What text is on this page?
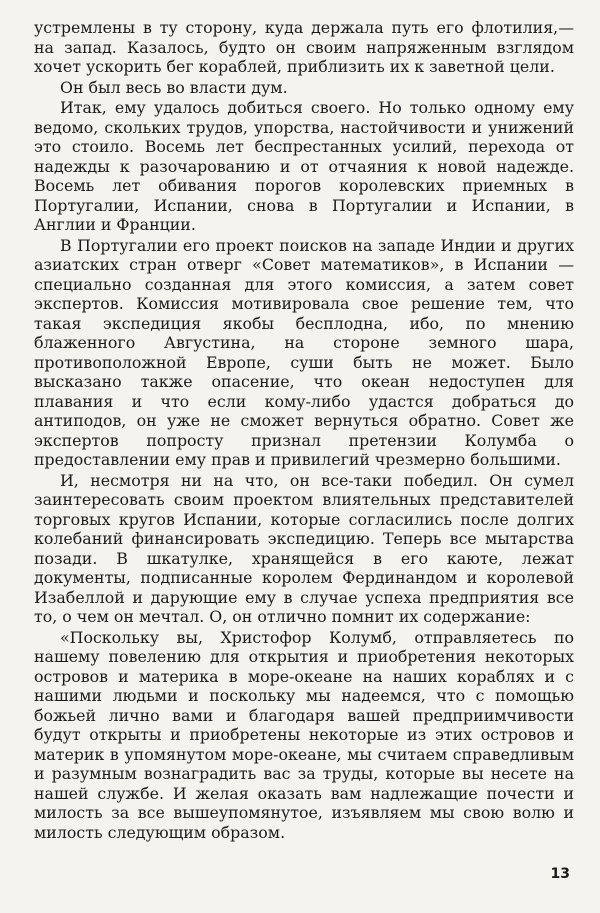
устремлены в ту сторону, куда держала путь его флотилия,— на запад. Казалось, будто он своим напряженным взглядом хочет ускорить бег кораблей, приблизить их к заветной цели.

Он был весь во власти дум.

Итак, ему удалось добиться своего. Но только одному ему ведомо, скольких трудов, упорства, настойчивости и унижений это стоило. Восемь лет беспрестанных усилий, перехода от надежды к разочарованию и от отчаяния к новой надежде. Восемь лет обивания порогов королевских приемных в Португалии, Испании, снова в Португалии и Испании, в Англии и Франции.

В Португалии его проект поисков на западе Индии и других азиатских стран отверг «Совет математиков», в Испании — специально созданная для этого комиссия, а затем совет экспертов. Комиссия мотивировала свое решение тем, что такая экспедиция якобы бесплодна, ибо, по мнению блаженного Августина, на стороне земного шара, противоположной Европе, суши быть не может. Было высказано также опасение, что океан недоступен для плавания и что если кому-либо удастся добраться до антиподов, он уже не сможет вернуться обратно. Совет же экспертов попросту признал претензии Колумба о предоставлении ему прав и привилегий чрезмерно большими.

И, несмотря ни на что, он все-таки победил. Он сумел заинтересовать своим проектом влиятельных представителей торговых кругов Испании, которые согласились после долгих колебаний финансировать экспедицию. Теперь все мытарства позади. В шкатулке, хранящейся в его каюте, лежат документы, подписанные королем Фердинандом и королевой Изабеллой и дарующие ему в случае успеха предприятия все то, о чем он мечтал. О, он отлично помнит их содержание:

«Поскольку вы, Христофор Колумб, отправляетесь по нашему повелению для открытия и приобретения некоторых островов и материка в море-океане на наших кораблях и с нашими людьми и поскольку мы надеемся, что с помощью божьей лично вами и благодаря вашей предприимчивости будут открыты и приобретены некоторые из этих островов и материк в упомянутом море-океане, мы считаем справедливым и разумным вознаградить вас за труды, которые вы несете на нашей службе. И желая оказать вам надлежащие почести и милость за все вышеупомянутое, изъявляем мы свою волю и милость следующим образом.

13
